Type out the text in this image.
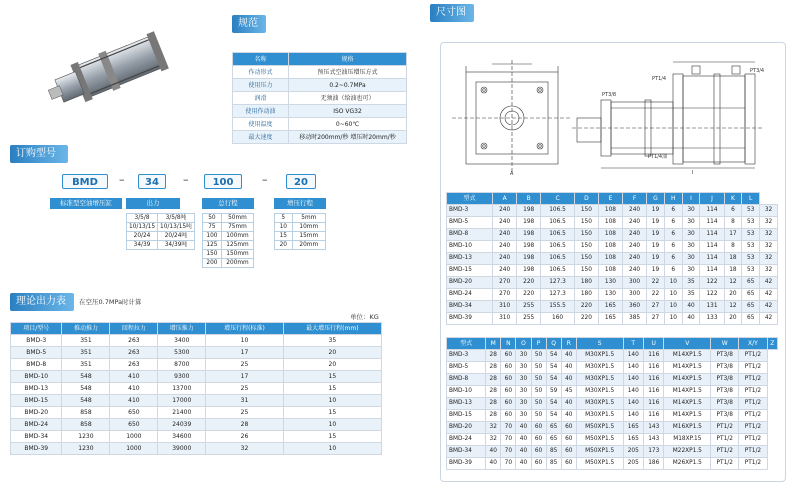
规范
名称	规格
作动形式	预压式空油压增压方式
使用压力	0.2~0.7MPa
润滑	无须油（给油也可）
使用作动油	ISO VG32
使用温度	0~60℃
最大速度	移动时200mm/秒 增压时20mm/秒
订购型号
BMD	–	34	–	100	–	20
标准型空油增压缸	出力	总行程	增压行程
3/5/8	3/5/8吨
10/13/15	10/13/15吨
20/24	20/24吨
34/39	34/39吨
50	50mm
75	75mm
100	100mm
125	125mm
150	150mm
200	200mm
5	5mm
10	10mm
15	15mm
20	20mm
理论出力表	在空压0.7MPa时计算
单位：KG
项目/型号	推动推力	回程拉力	增压推力	增压行程(标准)	最大增压行程(mm)
BMD-3	351	263	3400	10	35
BMD-5	351	263	5300	17	20
BMD-8	351	263	8700	25	20
BMD-10	548	410	9300	17	15
BMD-13	548	410	13700	25	15
BMD-15	548	410	17000	31	10
BMD-20	858	650	21400	25	15
BMD-24	858	650	24039	28	10
BMD-34	1230	1000	34600	26	15
BMD-39	1230	1000	39000	32	10
尺寸图
PT1/4
PT3/4
PT1/4油
A	I
PT3/8
型式	A	B	C	D	E	F	G	H	I	J	K	L	
BMD-3	240	198	106.5	150	108	240	19	6	30	114	6	53	32
BMD-5	240	198	106.5	150	108	240	19	6	30	114	8	53	32
BMD-8	240	198	106.5	150	108	240	19	6	30	114	17	53	32
BMD-10	240	198	106.5	150	108	240	19	6	30	114	8	53	32
BMD-13	240	198	106.5	150	108	240	19	6	30	114	18	53	32
BMD-15	240	198	106.5	150	108	240	19	6	30	114	18	53	32
BMD-20	270	220	127.3	180	130	300	22	10	35	122	12	65	42
BMD-24	270	220	127.3	180	130	300	22	10	35	122	20	65	42
BMD-34	310	255	155.5	220	165	360	27	10	40	131	12	65	42
BMD-39	310	255	160	220	165	385	27	10	40	133	20	65	42
型式	M	N	O	P	Q	R	S	T	U	V	W	X/Y	Z
BMD-3	28	60	30	50	54	40	M30XP1.5	140	116	M14XP1.5	PT3/8	PT1/2	
BMD-5	28	60	30	50	54	40	M30XP1.5	140	116	M14XP1.5	PT3/8	PT1/2	
BMD-8	28	60	30	50	54	40	M30XP1.5	140	116	M14XP1.5	PT3/8	PT1/2	
BMD-10	28	60	30	50	59	45	M30XP1.5	140	116	M14XP1.5	PT3/8	PT1/2	
BMD-13	28	60	30	50	54	40	M30XP1.5	140	116	M14XP1.5	PT3/8	PT1/2	
BMD-15	28	60	30	50	54	40	M30XP1.5	140	116	M14XP1.5	PT3/8	PT1/2	
BMD-20	32	70	40	60	65	60	M50XP1.5	165	143	M16XP1.5	PT1/2	PT1/2	
BMD-24	32	70	40	60	65	60	M50XP1.5	165	143	M18XP.15	PT1/2	PT1/2	
BMD-34	40	70	40	60	85	60	M50XP1.5	205	173	M22XP1.5	PT1/2	PT1/2	
BMD-39	40	70	40	60	85	60	M50XP1.5	205	186	M26XP1.5	PT1/2	PT1/2	
